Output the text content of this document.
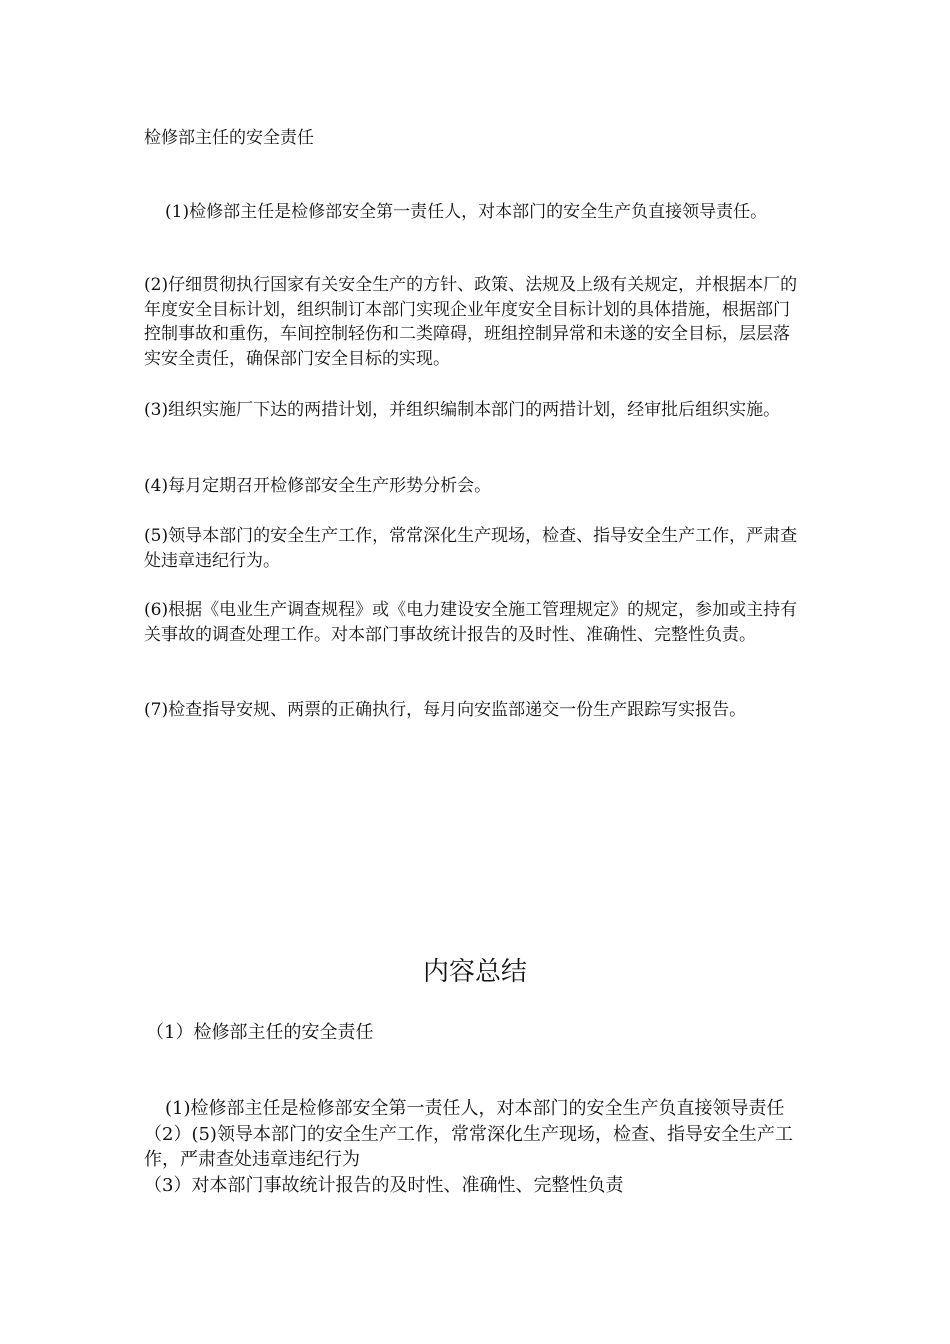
检修部主任的安全责任

(1)检修部主任是检修部安全第一责任人，对本部门的安全生产负直接领导责任。

(2)仔细贯彻执行国家有关安全生产的方针、政策、法规及上级有关规定，并根据本厂的年度安全目标计划，组织制订本部门实现企业年度安全目标计划的具体措施，根据部门控制事故和重伤，车间控制轻伤和二类障碍，班组控制异常和未遂的安全目标，层层落实安全责任，确保部门安全目标的实现。

(3)组织实施厂下达的两措计划，并组织编制本部门的两措计划，经审批后组织实施。

(4)每月定期召开检修部安全生产形势分析会。

(5)领导本部门的安全生产工作，常常深化生产现场，检查、指导安全生产工作，严肃查处违章违纪行为。

(6)根据《电业生产调查规程》或《电力建设安全施工管理规定》的规定，参加或主持有关事故的调查处理工作。对本部门事故统计报告的及时性、准确性、完整性负责。

(7)检查指导安规、两票的正确执行，每月向安监部递交一份生产跟踪写实报告。

内容总结
（1）检修部主任的安全责任

(1)检修部主任是检修部安全第一责任人，对本部门的安全生产负直接领导责任

（2）(5)领导本部门的安全生产工作，常常深化生产现场，检查、指导安全生产工作，严肃查处违章违纪行为

（3）对本部门事故统计报告的及时性、准确性、完整性负责
